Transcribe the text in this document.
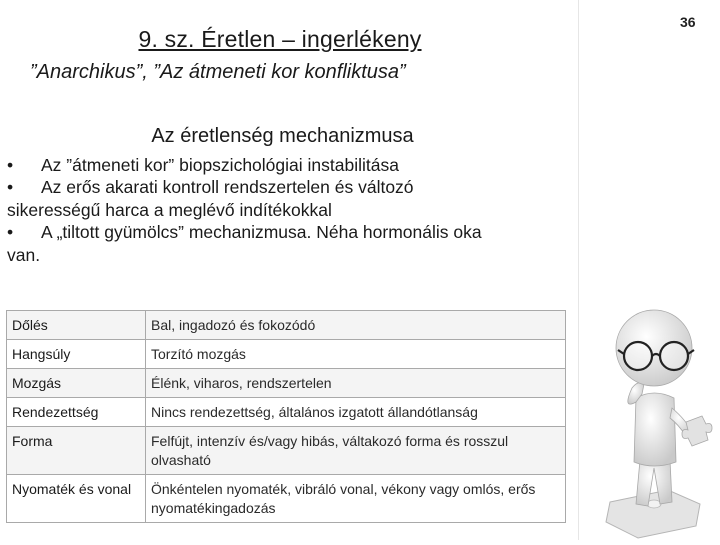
36
9. sz. Éretlen – ingerlékeny
”Anarchikus”, ”Az átmeneti kor konfliktusa”
Az éretlenség mechanizmusa
• Az ”átmeneti kor” biopszichológiai instabilitása
• Az erős akarati kontroll rendszertelen és változó
sikerességű harca a meglévő indítékokkal
• A „tiltott gyümölcs” mechanizmusa. Néha hormonális oka
van.
Dőlés	Bal, ingadozó és fokozódó
Hangsúly	Torzító mozgás
Mozgás	Élénk, viharos, rendszertelen
Rendezettség	Nincs rendezettség, általános izgatott állandótlanság
Forma	Felfújt, intenzív és/vagy hibás, váltakozó forma és rosszul olvasható
Nyomaték és vonal	Önkéntelen nyomaték, vibráló vonal, vékony vagy omlós, erős nyomatékingadozás
